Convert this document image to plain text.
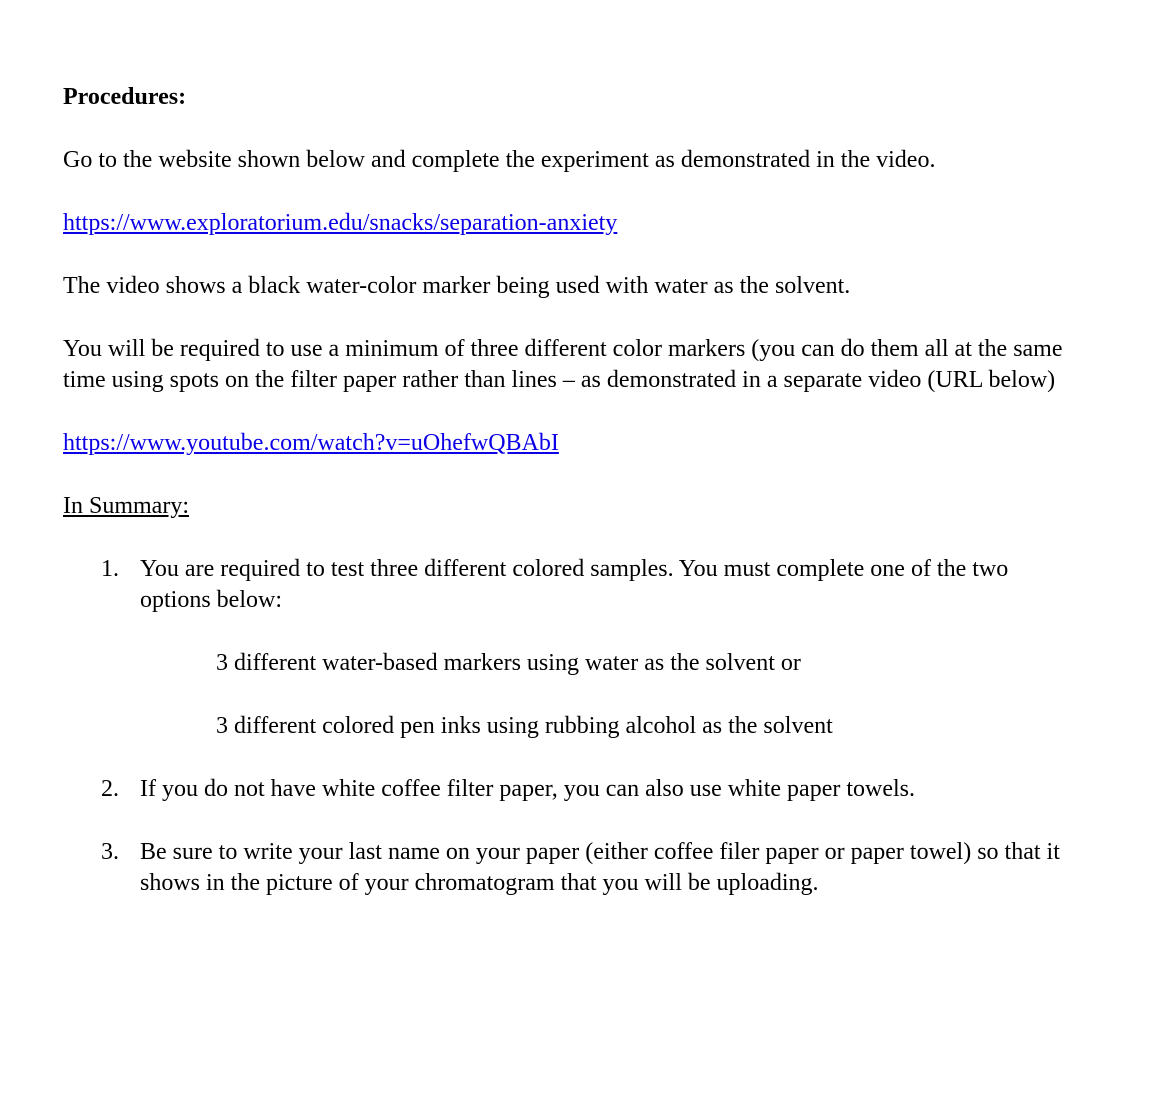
Procedures:

Go to the website shown below and complete the experiment as demonstrated in the video.

https://www.exploratorium.edu/snacks/separation-anxiety

The video shows a black water-color marker being used with water as the solvent.

You will be required to use a minimum of three different color markers (you can do them all at the same time using spots on the filter paper rather than lines – as demonstrated in a separate video (URL below)

https://www.youtube.com/watch?v=uOhefwQBAbI

In Summary:

1. You are required to test three different colored samples. You must complete one of the two options below:

3 different water-based markers using water as the solvent or

3 different colored pen inks using rubbing alcohol as the solvent

2. If you do not have white coffee filter paper, you can also use white paper towels.
3. Be sure to write your last name on your paper (either coffee filer paper or paper towel) so that it shows in the picture of your chromatogram that you will be uploading.
